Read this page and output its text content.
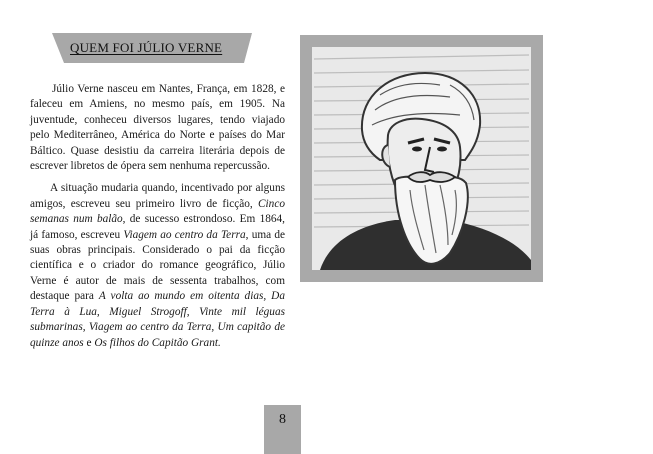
QUEM FOI JÚLIO VERNE

Júlio Verne nasceu em Nantes, França, em 1828, e faleceu em Amiens, no mesmo país, em 1905. Na juventude, conheceu diversos lugares, tendo viajado pelo Mediterrâneo, América do Norte e países do Mar Báltico. Quase desistiu da carreira literária depois de escrever libretos de ópera sem nenhuma repercussão.

A situação mudaria quando, incentivado por alguns amigos, escreveu seu primeiro livro de ficção, Cinco semanas num balão, de sucesso estrondoso. Em 1864, já famoso, escreveu Viagem ao centro da Terra, uma de suas obras principais. Considerado o pai da ficção científica e o criador do romance geográfico, Júlio Verne é autor de mais de sessenta trabalhos, com destaque para A volta ao mundo em oitenta dias, Da Terra à Lua, Miguel Strogoff, Vinte mil léguas submarinas, Viagem ao centro da Terra, Um capitão de quinze anos e Os filhos do Capitão Grant.

8
